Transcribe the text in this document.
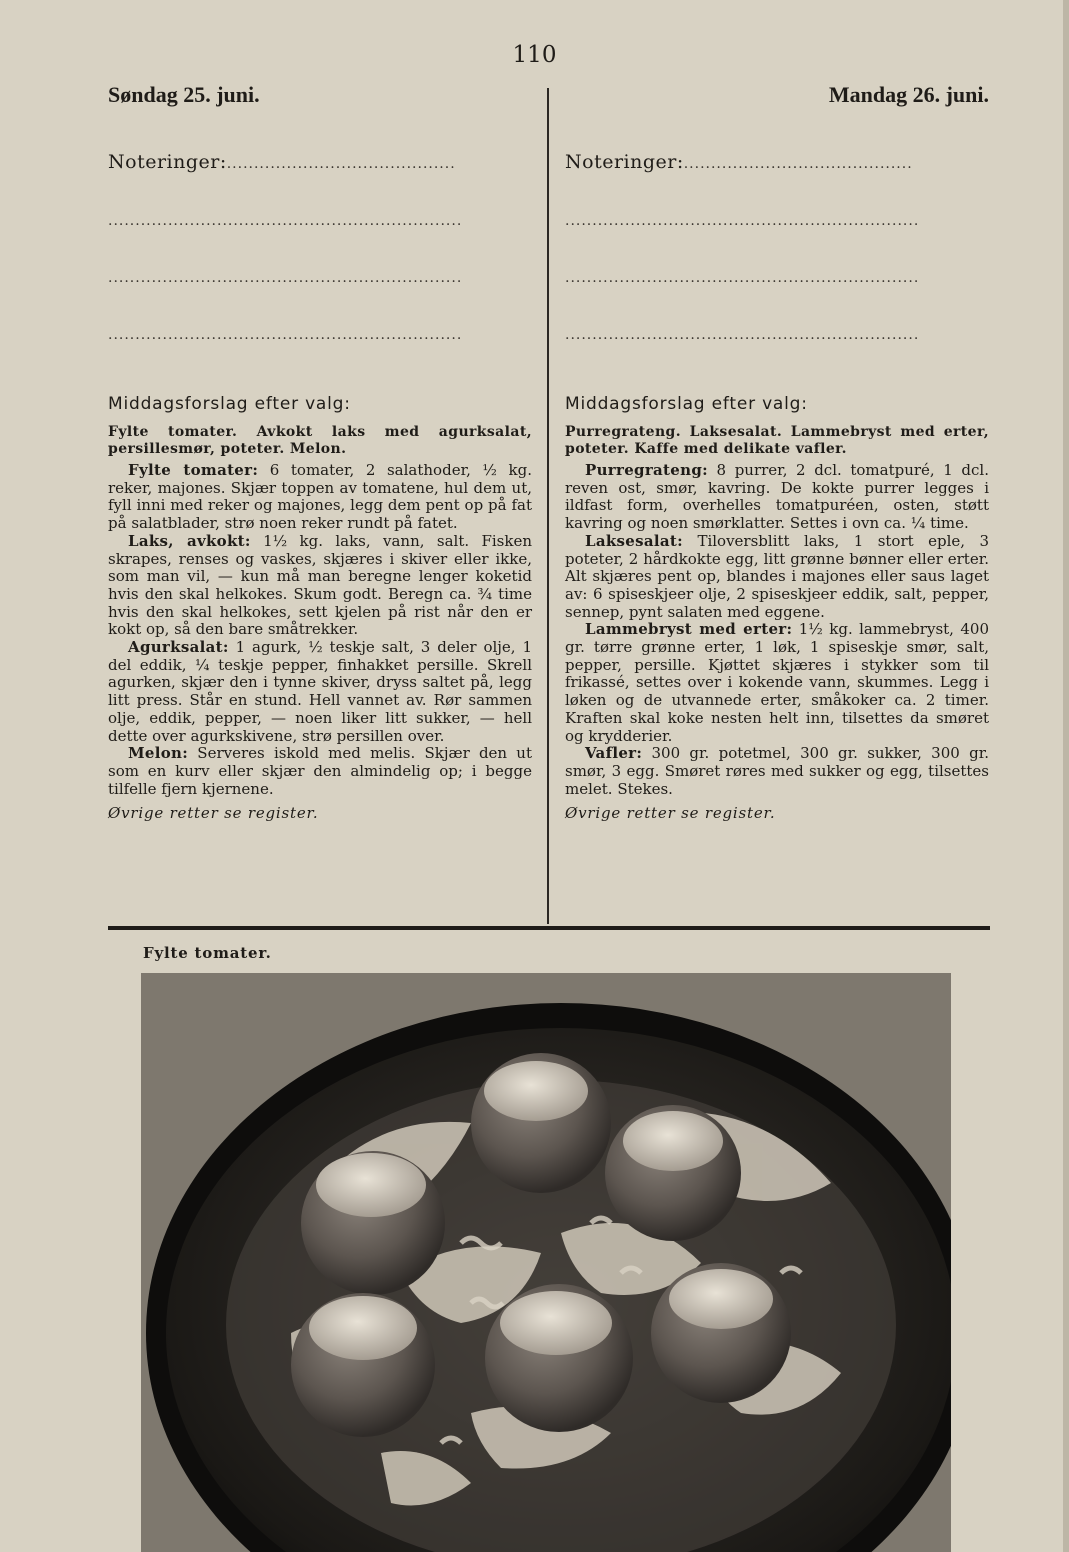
110
Søndag 25. juni.
Noteringer:..........................................
.................................................................
.................................................................
.................................................................
Middagsforslag efter valg:
Fylte tomater. Avkokt laks med agurksalat, persillesmør, poteter. Melon.

Fylte tomater: 6 tomater, 2 salathoder, ½ kg. reker, majones. Skjær toppen av tomatene, hul dem ut, fyll inni med reker og majones, legg dem pent op på fat på salatblader, strø noen reker rundt på fatet.

Laks, avkokt: 1½ kg. laks, vann, salt. Fisken skrapes, renses og vaskes, skjæres i skiver eller ikke, som man vil, — kun må man beregne lenger koketid hvis den skal helkokes. Skum godt. Beregn ca. ¾ time hvis den skal helkokes, sett kjelen på rist når den er kokt op, så den bare småtrekker.

Agurksalat: 1 agurk, ½ teskje salt, 3 deler olje, 1 del eddik, ¼ teskje pepper, finhakket persille. Skrell agurken, skjær den i tynne skiver, dryss saltet på, legg litt press. Står en stund. Hell vannet av. Rør sammen olje, eddik, pepper, — noen liker litt sukker, — hell dette over agurkskivene, strø persillen over.

Melon: Serveres iskold med melis. Skjær den ut som en kurv eller skjær den almindelig op; i begge tilfelle fjern kjernene.

Øvrige retter se register.
Mandag 26. juni.
Noteringer:..........................................
.................................................................
.................................................................
.................................................................
Middagsforslag efter valg:
Purregrateng. Laksesalat. Lammebryst med erter, poteter. Kaffe med delikate vafler.

Purregrateng: 8 purrer, 2 dcl. tomatpuré, 1 dcl. reven ost, smør, kavring. De kokte purrer legges i ildfast form, overhelles tomatpuréen, osten, støtt kavring og noen smørklatter. Settes i ovn ca. ¼ time.

Laksesalat: Tiloversblitt laks, 1 stort eple, 3 poteter, 2 hårdkokte egg, litt grønne bønner eller erter. Alt skjæres pent op, blandes i majones eller saus laget av: 6 spiseskjeer olje, 2 spiseskjeer eddik, salt, pepper, sennep, pynt salaten med eggene.

Lammebryst med erter: 1½ kg. lammebryst, 400 gr. tørre grønne erter, 1 løk, 1 spiseskje smør, salt, pepper, persille. Kjøttet skjæres i stykker som til frikassé, settes over i kokende vann, skummes. Legg i løken og de utvannede erter, småkoker ca. 2 timer. Kraften skal koke nesten helt inn, tilsettes da smøret og krydderier.

Vafler: 300 gr. potetmel, 300 gr. sukker, 300 gr. smør, 3 egg. Smøret røres med sukker og egg, tilsettes melet. Stekes.

Øvrige retter se register.
Fylte tomater.
